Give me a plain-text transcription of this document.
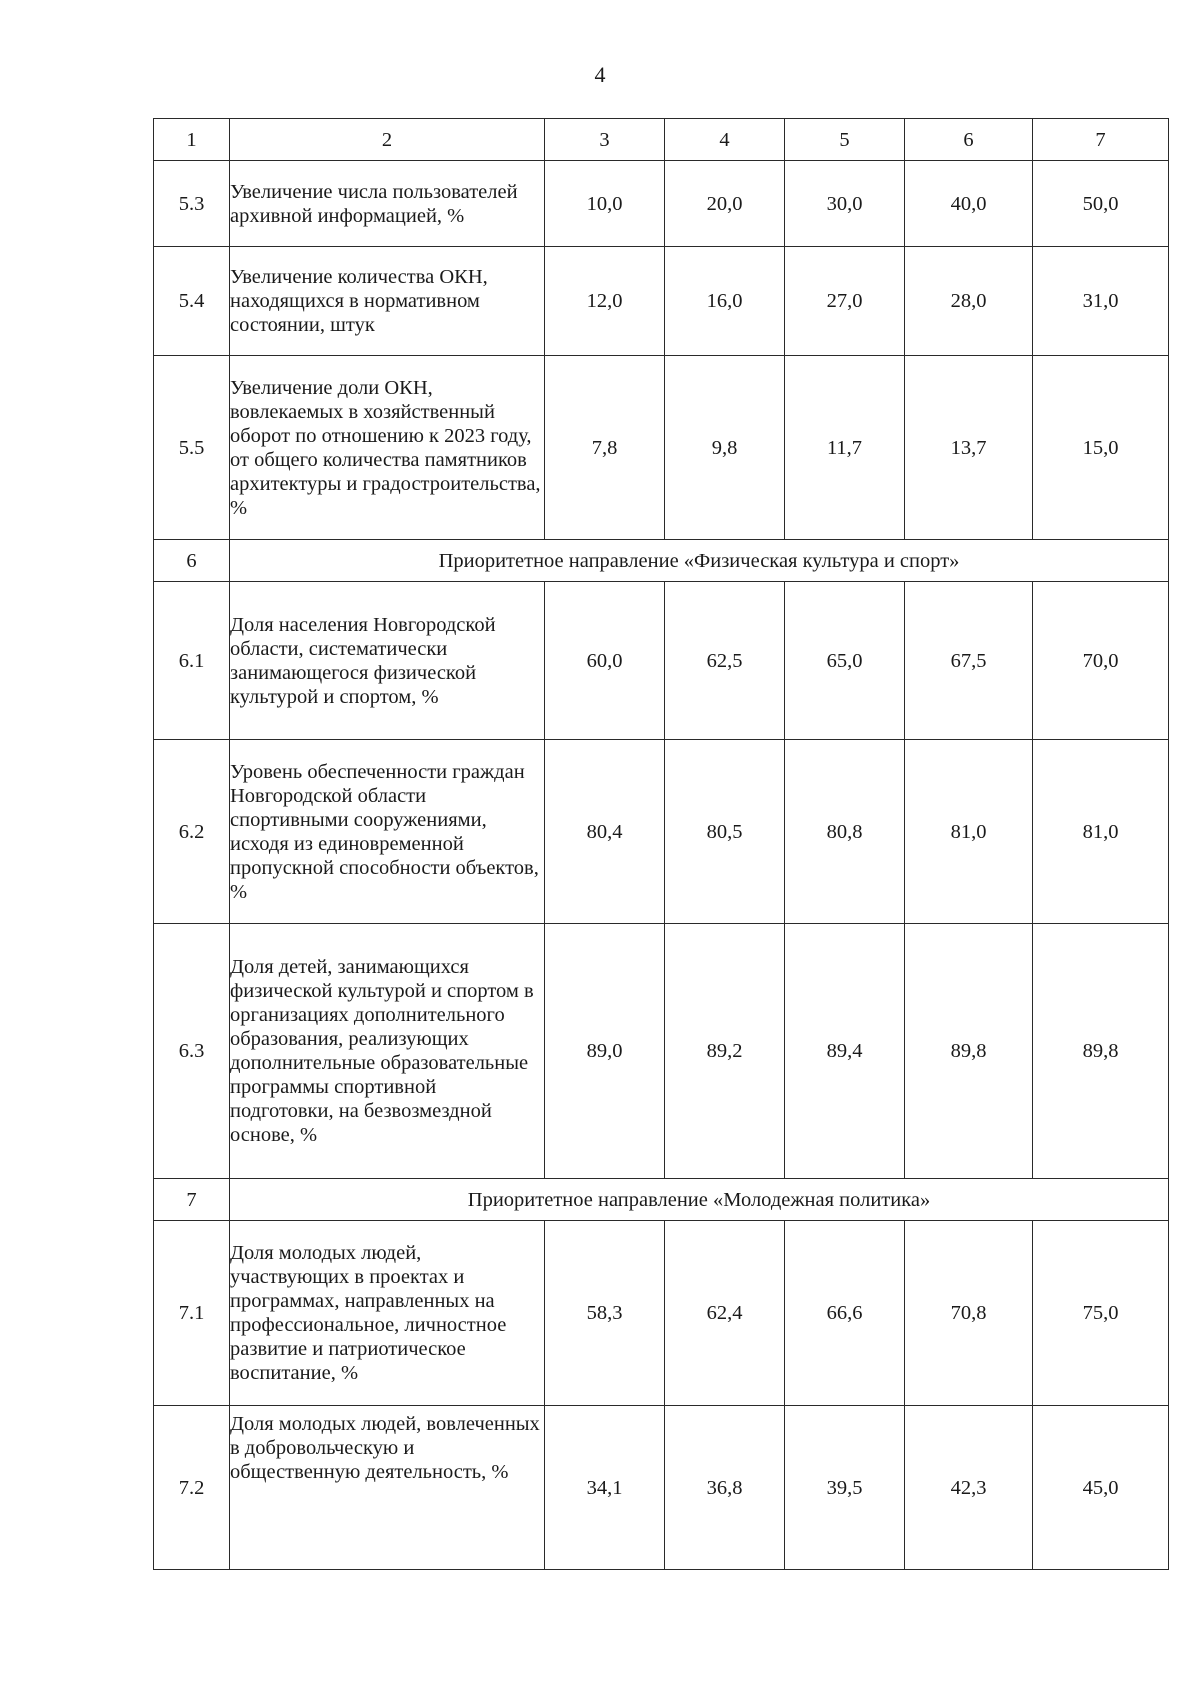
4
1	2	3	4	5	6	7
5.3	Увеличение числа пользователей архивной информацией, %	10,0	20,0	30,0	40,0	50,0
5.4	Увеличение количества ОКН, находящихся в нормативном состоянии, штук	12,0	16,0	27,0	28,0	31,0
5.5	Увеличение доли ОКН, вовлекаемых в хозяйственный оборот по отношению к 2023 году, от общего количества памятников архитектуры и градостроительства, %	7,8	9,8	11,7	13,7	15,0
6	Приоритетное направление «Физическая культура и спорт»					
6.1	Доля населения Новгородской области, систематически занимающегося физической культурой и спортом, %	60,0	62,5	65,0	67,5	70,0
6.2	Уровень обеспеченности граждан Новгородской области спортивными сооружениями, исходя из единовременной пропускной способности объектов, %	80,4	80,5	80,8	81,0	81,0
6.3	Доля детей, занимающихся физической культурой и спортом в организациях дополнительного образования, реализующих дополнительные образовательные программы спортивной подготовки, на безвозмездной основе, %	89,0	89,2	89,4	89,8	89,8
7	Приоритетное направление «Молодежная политика»					
7.1	Доля молодых людей, участвующих в проектах и программах, направленных на профессиональное, личностное развитие и патриотическое воспитание, %	58,3	62,4	66,6	70,8	75,0
7.2	Доля молодых людей, вовлеченных в добровольческую и общественную деятельность, %	34,1	36,8	39,5	42,3	45,0
